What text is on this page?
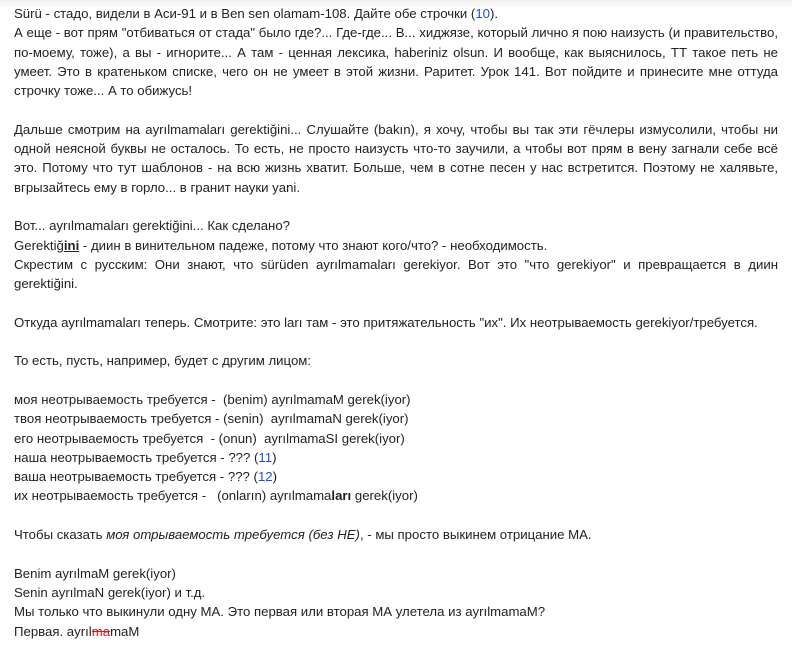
Sürü - стадо, видели в Аси-91 и в Ben sen olamam-108. Дайте обе строчки (10).

А еще - вот прям "отбиваться от стада" было где?... Где-где... В... хиджязе, который лично я пою наизусть (и правительство, по-моему, тоже), а вы - игнорите... А там - ценная лексика, haberiniz olsun. И вообще, как выяснилось, ТТ такое петь не умеет. Это в кратеньком списке, чего он не умеет в этой жизни. Раритет. Урок 141. Вот пойдите и принесите мне оттуда строчку тоже... А то обижусь!

Дальше смотрим на ayrılmamaları gerektiğini... Слушайте (bakın), я хочу, чтобы вы так эти гёчлеры измусолили, чтобы ни одной неясной буквы не осталось. То есть, не просто наизусть что-то заучили, а чтобы вот прям в вену загнали себе всё это. Потому что тут шаблонов - на всю жизнь хватит. Больше, чем в сотне песен у нас встретится. Поэтому не халявьте, вгрызайтесь ему в горло... в гранит науки yani.

Вот... ayrılmamaları gerektiğini... Как сделано?

Gerektiğini - диин в винительном падеже, потому что знают кого/что? - необходимость.

Скрестим с русским: Они знают, что sürüden ayrılmamaları gerekiyor. Вот это "что gerekiyor" и превращается в диин gerektiğini.

Откуда ayrılmamaları теперь. Смотрите: это ları там - это притяжательность "их". Их неотрываемость gerekiyor/требуется.

То есть, пусть, например, будет с другим лицом:

моя неотрываемость требуется -  (benim) ayrılmamaM gerek(iyor)
твоя неотрываемость требуется - (senin)  ayrılmamaN gerek(iyor)
его неотрываемость требуется  - (onun)  ayrılmamaSI gerek(iyor)
наша неотрываемость требуется - ??? (11)
ваша неотрываемость требуется - ??? (12)
их неотрываемость требуется -   (onların) ayrılmamaları gerek(iyor)

Чтобы сказать моя отрываемость требуется (без НЕ), - мы просто выкинем отрицание МА.

Benim ayrılmaM gerek(iyor)
Senin ayrılmaN gerek(iyor) и т.д.
Мы только что выкинули одну МА. Это первая или вторая МА улетела из ayrılmamaM?
Первая. ayrılmamaM
